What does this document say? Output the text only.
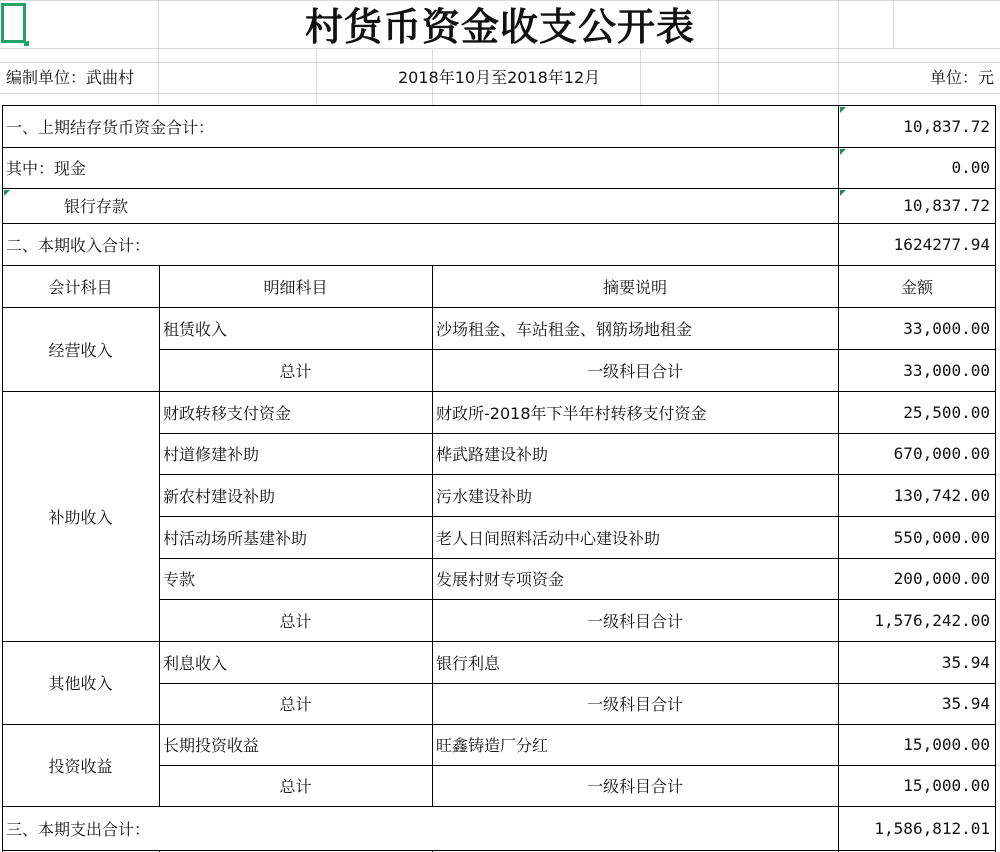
村货币资金收支公开表
编制单位：武曲村	2018年10月至2018年12月	单位：元
一、上期结存货币资金合计：	10,837.72
其中：现金	0.00
银行存款	10,837.72
二、本期收入合计：	1624277.94
会计科目	明细科目	摘要说明	金额
经营收入
租赁收入	沙场租金、车站租金、钢筋场地租金	33,000.00
总计	一级科目合计	33,000.00
补助收入
财政转移支付资金	财政所-2018年下半年村转移支付资金	25,500.00
村道修建补助	桦武路建设补助	670,000.00
新农村建设补助	污水建设补助	130,742.00
村活动场所基建补助	老人日间照料活动中心建设补助	550,000.00
专款	发展村财专项资金	200,000.00
总计	一级科目合计	1,576,242.00
其他收入
利息收入	银行利息	35.94
总计	一级科目合计	35.94
投资收益
长期投资收益	旺鑫铸造厂分红	15,000.00
总计	一级科目合计	15,000.00
三、本期支出合计：	1,586,812.01
